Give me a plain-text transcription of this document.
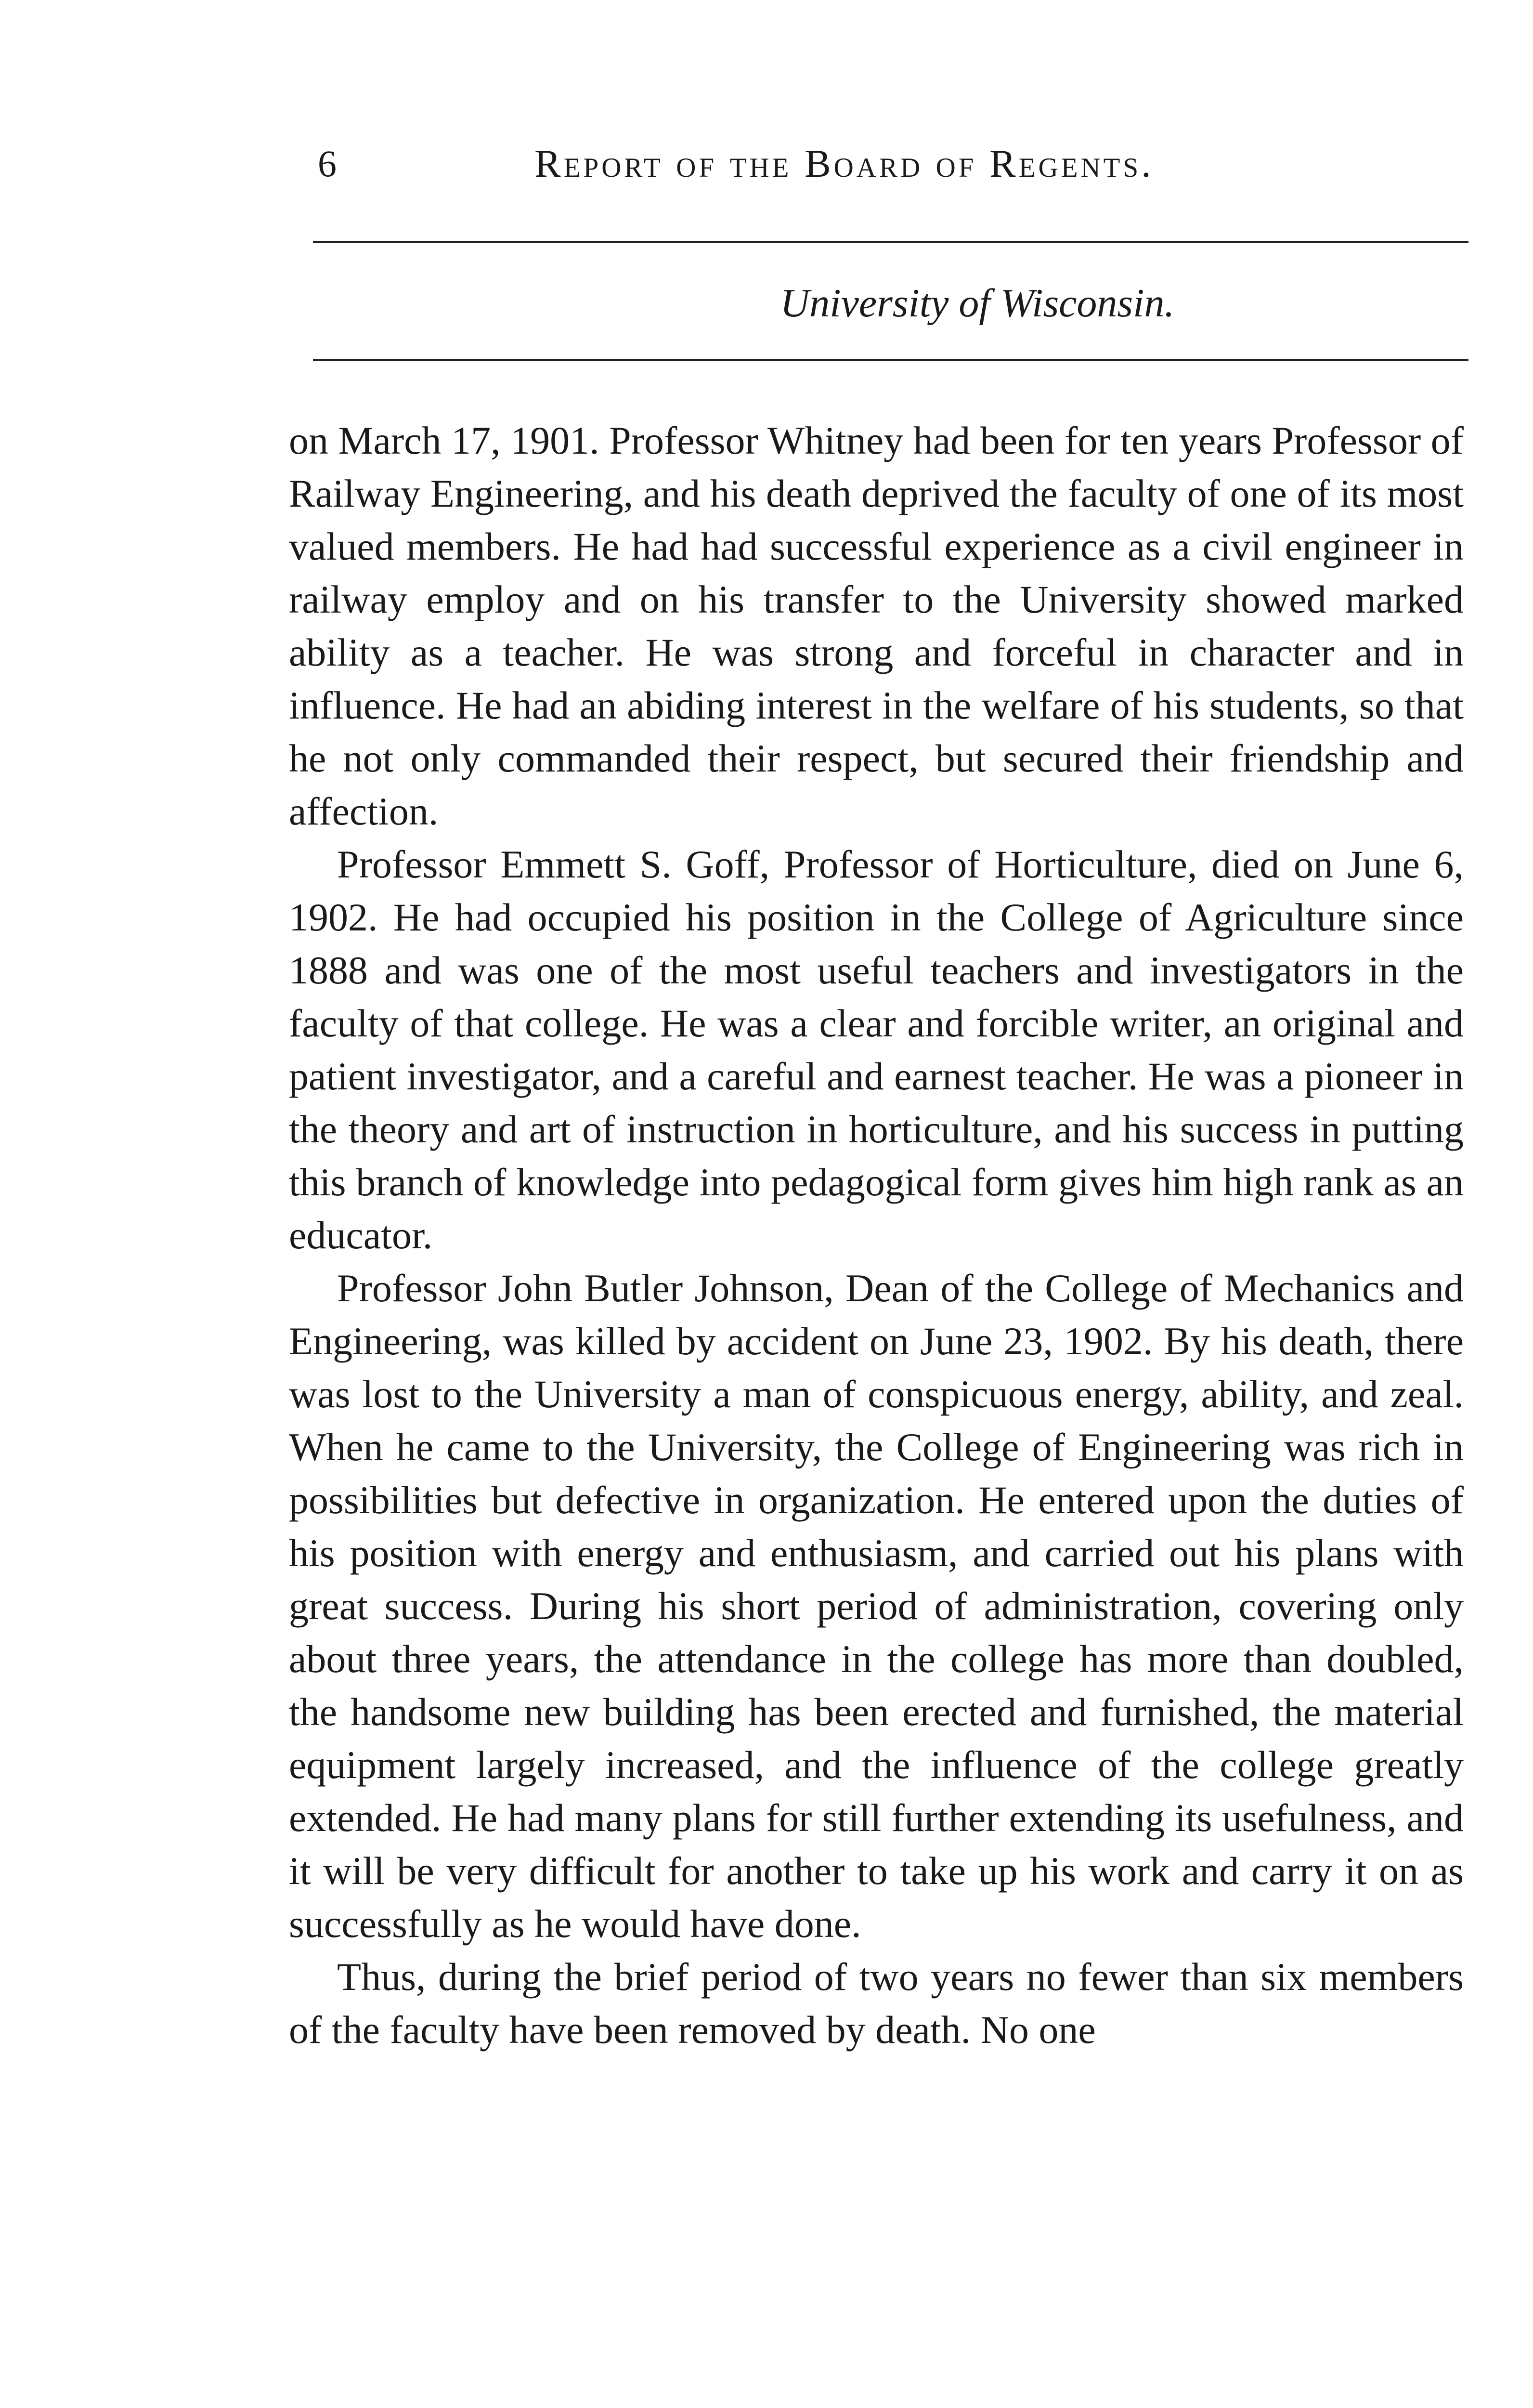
6	Report of the Board of Regents.
University of Wisconsin.

on March 17, 1901. Professor Whitney had been for ten years Professor of Railway Engineering, and his death deprived the faculty of one of its most valued members. He had had successful experience as a civil engineer in railway employ and on his transfer to the University showed marked ability as a teacher. He was strong and forceful in character and in influence. He had an abiding interest in the welfare of his students, so that he not only commanded their respect, but secured their friendship and affection.

Professor Emmett S. Goff, Professor of Horticulture, died on June 6, 1902. He had occupied his position in the College of Agriculture since 1888 and was one of the most useful teachers and investigators in the faculty of that college. He was a clear and forcible writer, an original and patient investigator, and a careful and earnest teacher. He was a pioneer in the theory and art of instruction in horticulture, and his success in putting this branch of knowledge into pedagogical form gives him high rank as an educator.

Professor John Butler Johnson, Dean of the College of Mechanics and Engineering, was killed by accident on June 23, 1902. By his death, there was lost to the University a man of conspicuous energy, ability, and zeal. When he came to the University, the College of Engineering was rich in possibilities but defective in organization. He entered upon the duties of his position with energy and enthusiasm, and carried out his plans with great success. During his short period of administration, covering only about three years, the attendance in the college has more than doubled, the handsome new building has been erected and furnished, the material equipment largely increased, and the influence of the college greatly extended. He had many plans for still further extending its usefulness, and it will be very difficult for another to take up his work and carry it on as successfully as he would have done.

Thus, during the brief period of two years no fewer than six members of the faculty have been removed by death. No one
